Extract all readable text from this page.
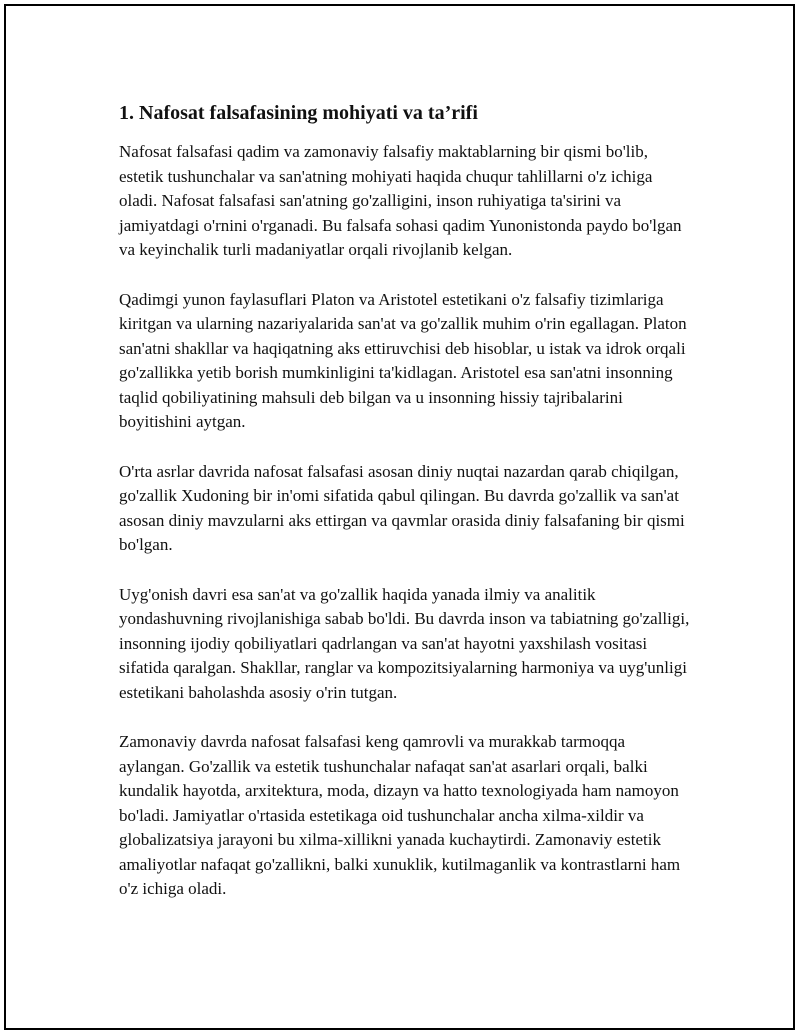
1. Nafosat falsafasining mohiyati va ta’rifi

Nafosat falsafasi qadim va zamonaviy falsafiy maktablarning bir qismi bo'lib, estetik tushunchalar va san'atning mohiyati haqida chuqur tahlillarni o'z ichiga oladi. Nafosat falsafasi san'atning go'zalligini, inson ruhiyatiga ta'sirini va jamiyatdagi o'rnini o'rganadi. Bu falsafa sohasi qadim Yunonistonda paydo bo'lgan va keyinchalik turli madaniyatlar orqali rivojlanib kelgan.

Qadimgi yunon faylasuflari Platon va Aristotel estetikani o'z falsafiy tizimlariga kiritgan va ularning nazariyalarida san'at va go'zallik muhim o'rin egallagan. Platon san'atni shakllar va haqiqatning aks ettiruvchisi deb hisoblar, u istak va idrok orqali go'zallikka yetib borish mumkinligini ta'kidlagan. Aristotel esa san'atni insonning taqlid qobiliyatining mahsuli deb bilgan va u insonning hissiy tajribalarini boyitishini aytgan.

O'rta asrlar davrida nafosat falsafasi asosan diniy nuqtai nazardan qarab chiqilgan, go'zallik Xudoning bir in'omi sifatida qabul qilingan. Bu davrda go'zallik va san'at asosan diniy mavzularni aks ettirgan va qavmlar orasida diniy falsafaning bir qismi bo'lgan.

Uyg'onish davri esa san'at va go'zallik haqida yanada ilmiy va analitik yondashuvning rivojlanishiga sabab bo'ldi. Bu davrda inson va tabiatning go'zalligi, insonning ijodiy qobiliyatlari qadrlangan va san'at hayotni yaxshilash vositasi sifatida qaralgan. Shakllar, ranglar va kompozitsiyalarning harmoniya va uyg'unligi estetikani baholashda asosiy o'rin tutgan.

Zamonaviy davrda nafosat falsafasi keng qamrovli va murakkab tarmoqqa aylangan. Go'zallik va estetik tushunchalar nafaqat san'at asarlari orqali, balki kundalik hayotda, arxitektura, moda, dizayn va hatto texnologiyada ham namoyon bo'ladi. Jamiyatlar o'rtasida estetikaga oid tushunchalar ancha xilma-xildir va globalizatsiya jarayoni bu xilma-xillikni yanada kuchaytirdi. Zamonaviy estetik amaliyotlar nafaqat go'zallikni, balki xunuklik, kutilmaganlik va kontrastlarni ham o'z ichiga oladi.
